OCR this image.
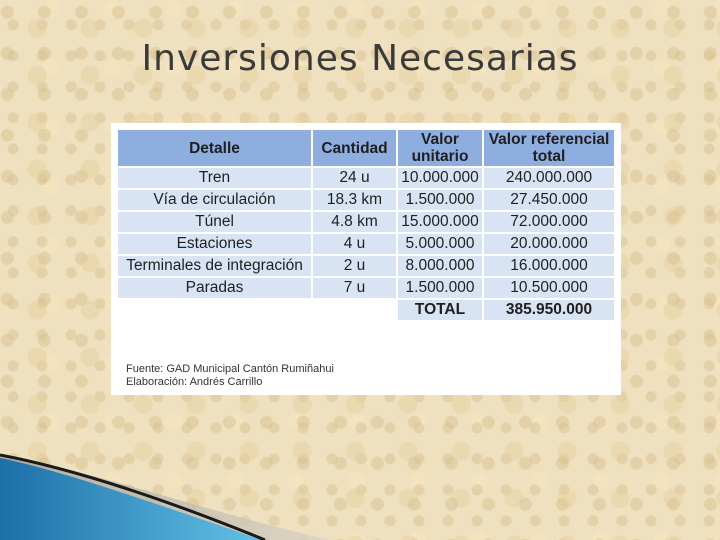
Inversiones Necesarias
Detalle	Cantidad	Valor unitario	Valor referencial total
Tren	24 u	10.000.000	240.000.000
Vía de circulación	18.3 km	1.500.000	27.450.000
Túnel	4.8 km	15.000.000	72.000.000
Estaciones	4 u	5.000.000	20.000.000
Terminales de integración	2 u	8.000.000	16.000.000
Paradas	7 u	1.500.000	10.500.000
		TOTAL	385.950.000
Fuente: GAD Municipal Cantón Rumiñahui
Elaboración: Andrés Carrillo
